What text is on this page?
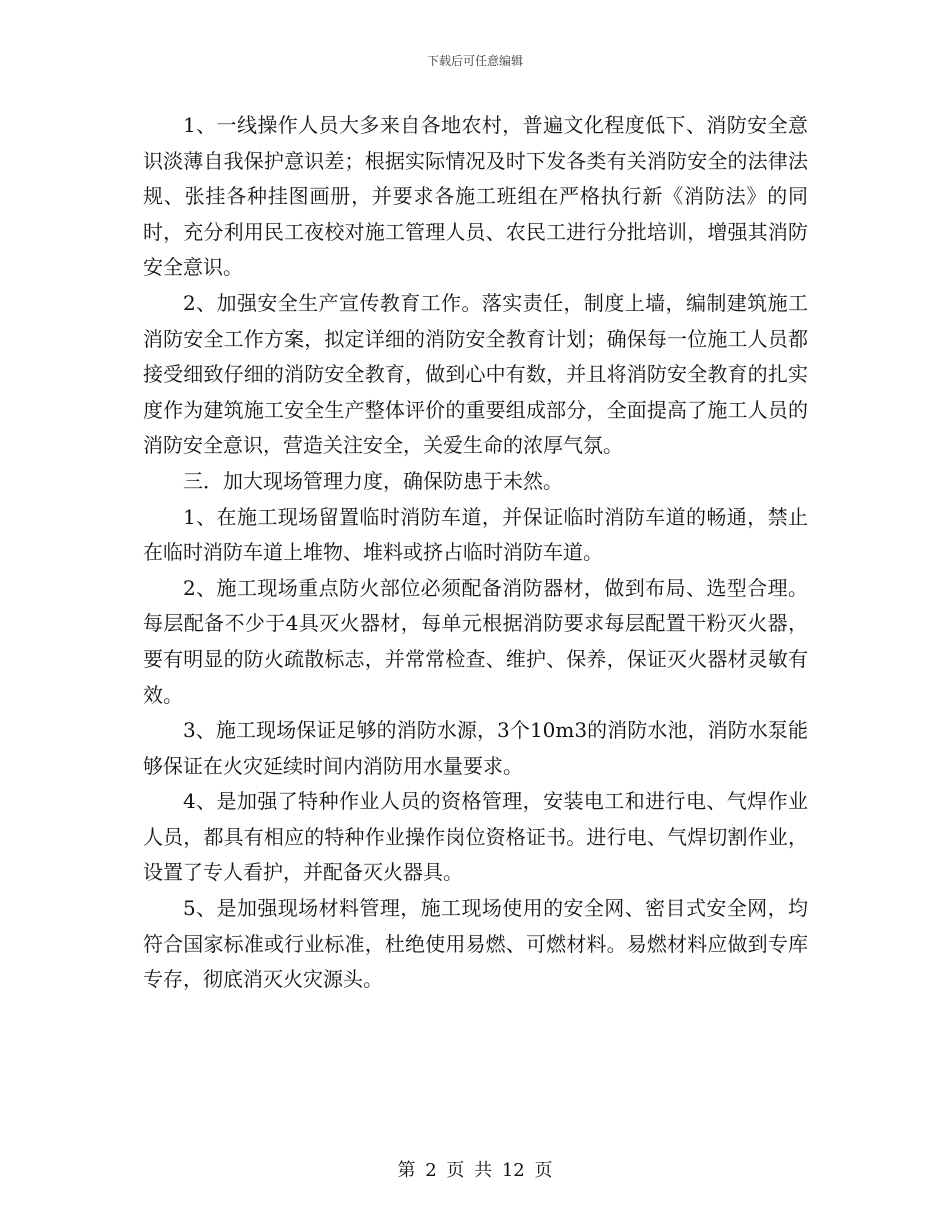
下载后可任意编辑

1、一线操作人员大多来自各地农村，普遍文化程度低下、消防安全意识淡薄自我保护意识差；根据实际情况及时下发各类有关消防安全的法律法规、张挂各种挂图画册，并要求各施工班组在严格执行新《消防法》的同时，充分利用民工夜校对施工管理人员、农民工进行分批培训，增强其消防安全意识。

2、加强安全生产宣传教育工作。落实责任，制度上墙，编制建筑施工消防安全工作方案，拟定详细的消防安全教育计划；确保每一位施工人员都接受细致仔细的消防安全教育，做到心中有数，并且将消防安全教育的扎实度作为建筑施工安全生产整体评价的重要组成部分，全面提高了施工人员的消防安全意识，营造关注安全，关爱生命的浓厚气氛。

三．加大现场管理力度，确保防患于未然。

1、在施工现场留置临时消防车道，并保证临时消防车道的畅通，禁止在临时消防车道上堆物、堆料或挤占临时消防车道。

2、施工现场重点防火部位必须配备消防器材，做到布局、选型合理。每层配备不少于4具灭火器材，每单元根据消防要求每层配置干粉灭火器，要有明显的防火疏散标志，并常常检查、维护、保养，保证灭火器材灵敏有效。

3、施工现场保证足够的消防水源，3个10m3的消防水池，消防水泵能够保证在火灾延续时间内消防用水量要求。

4、是加强了特种作业人员的资格管理，安装电工和进行电、气焊作业人员，都具有相应的特种作业操作岗位资格证书。进行电、气焊切割作业，设置了专人看护，并配备灭火器具。

5、是加强现场材料管理，施工现场使用的安全网、密目式安全网，均符合国家标准或行业标准，杜绝使用易燃、可燃材料。易燃材料应做到专库专存，彻底消灭火灾源头。

第 2 页 共 12 页
